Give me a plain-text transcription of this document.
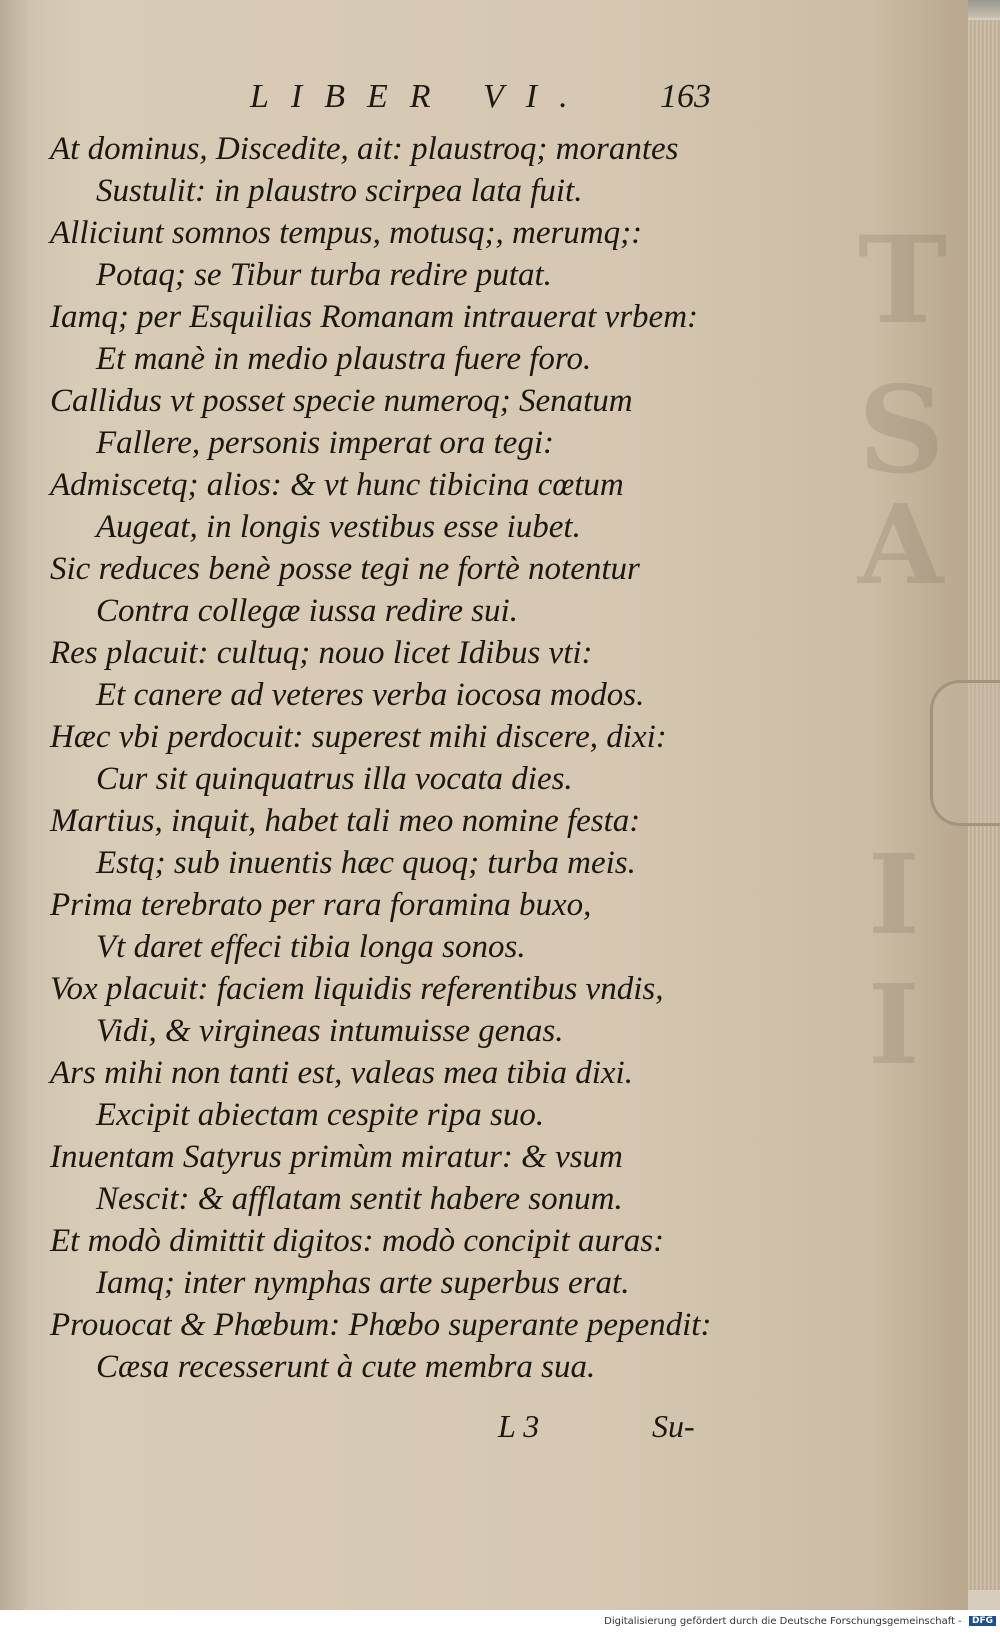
T
S
A
I
I
LIBER VI. 163
At dominus, Discedite, ait: plaustroq; morantes
Sustulit: in plaustro scirpea lata fuit.
Alliciunt somnos tempus, motusq;, merumq;:
Potaq; se Tibur turba redire putat.
Iamq; per Esquilias Romanam intrauerat vrbem:
Et manè in medio plaustra fuere foro.
Callidus vt posset specie numeroq; Senatum
Fallere, personis imperat ora tegi:
Admiscetq; alios: & vt hunc tibicina cœtum
Augeat, in longis vestibus esse iubet.
Sic reduces benè posse tegi ne fortè notentur
Contra collegæ iussa redire sui.
Res placuit: cultuq; nouo licet Idibus vti:
Et canere ad veteres verba iocosa modos.
Hæc vbi perdocuit: superest mihi discere, dixi:
Cur sit quinquatrus illa vocata dies.
Martius, inquit, habet tali meo nomine festa:
Estq; sub inuentis hæc quoq; turba meis.
Prima terebrato per rara foramina buxo,
Vt daret effeci tibia longa sonos.
Vox placuit: faciem liquidis referentibus vndis,
Vidi, & virgineas intumuisse genas.
Ars mihi non tanti est, valeas mea tibia dixi.
Excipit abiectam cespite ripa suo.
Inuentam Satyrus primùm miratur: & vsum
Nescit: & afflatam sentit habere sonum.
Et modò dimittit digitos: modò concipit auras:
Iamq; inter nymphas arte superbus erat.
Prouocat & Phœbum: Phœbo superante pependit:
Cæsa recesserunt à cute membra sua.
L 3	Su-
Digitalisierung gefördert durch die Deutsche Forschungsgemeinschaft - DFG
